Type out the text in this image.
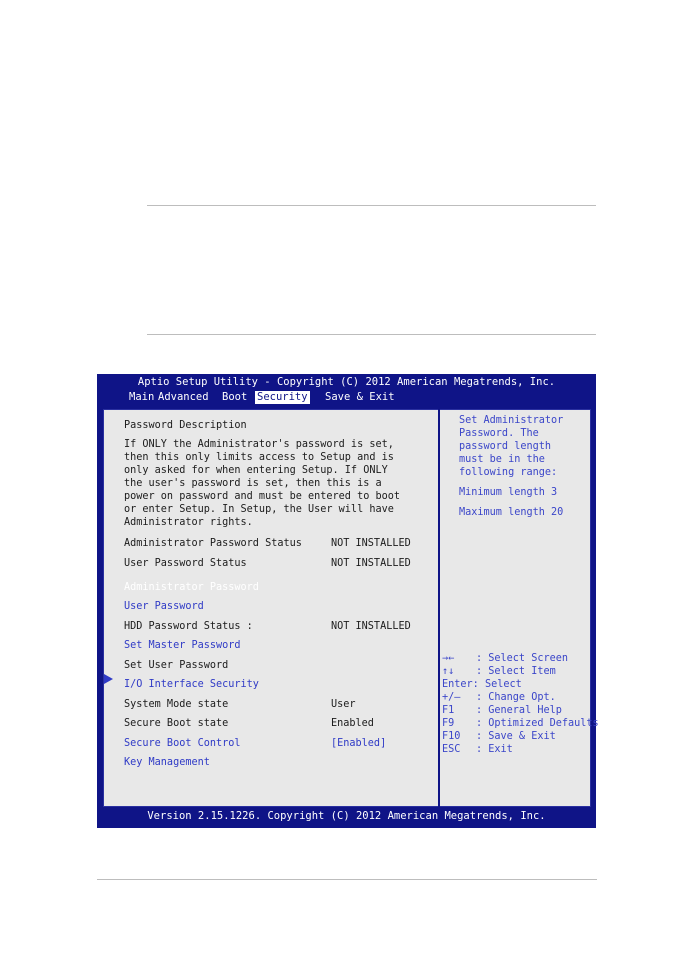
Aptio Setup Utility - Copyright (C) 2012 American Megatrends, Inc.
Main Advanced Boot Security Save & Exit
Password Description
If ONLY the Administrator's password is set,
then this only limits access to Setup and is
only asked for when entering Setup. If ONLY
the user's password is set, then this is a
power on password and must be entered to boot
or enter Setup. In Setup, the User will have
Administrator rights.
Administrator Password Status	NOT INSTALLED
User Password Status	NOT INSTALLED
Administrator Password
User Password
HDD Password Status :	NOT INSTALLED
Set Master Password
Set User Password
I/O Interface Security
System Mode state	User
Secure Boot state	Enabled
Secure Boot Control	[Enabled]
Key Management
Set Administrator
Password. The
password length
must be in the
following range:
Minimum length 3
Maximum length 20
→← : Select Screen
↑↓ : Select Item
Enter: Select
+/— : Change Opt.
F1 : General Help
F9 : Optimized Defaults
F10 : Save & Exit
ESC : Exit
Version 2.15.1226. Copyright (C) 2012 American Megatrends, Inc.
